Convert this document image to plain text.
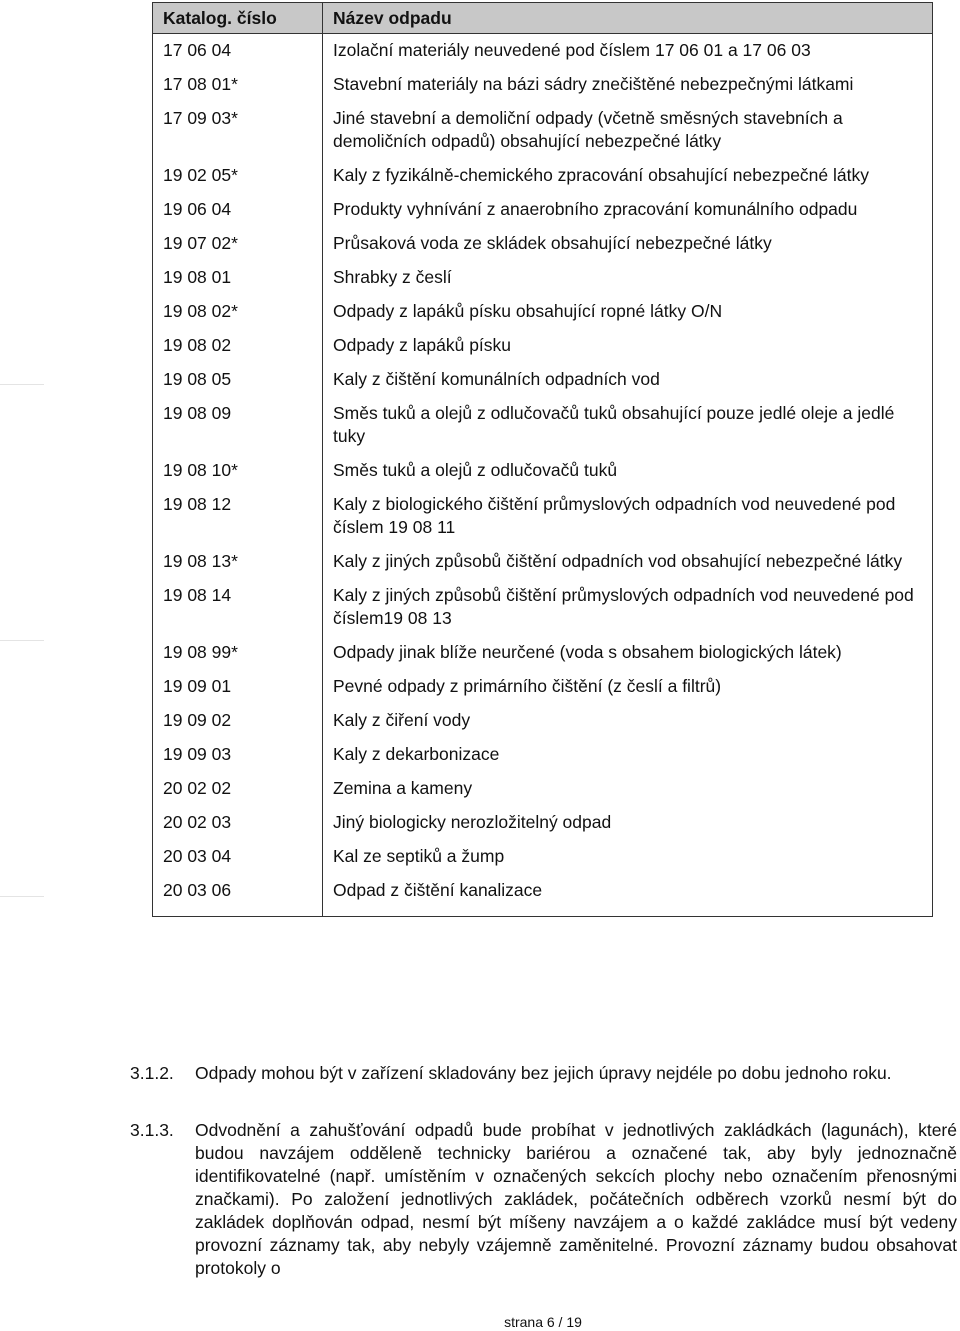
Katalog. číslo	Název odpadu
17 06 04	Izolační materiály neuvedené pod číslem 17 06 01 a 17 06 03
17 08 01*	Stavební materiály na bázi sádry znečištěné nebezpečnými látkami
17 09 03*	Jiné stavební a demoliční odpady (včetně směsných stavebních a demoličních odpadů) obsahující nebezpečné látky
19 02 05*	Kaly z fyzikálně-chemického zpracování obsahující nebezpečné látky
19 06 04	Produkty vyhnívání z anaerobního zpracování komunálního odpadu
19 07 02*	Průsaková voda ze skládek obsahující nebezpečné látky
19 08 01	Shrabky z česlí
19 08 02*	Odpady z lapáků písku obsahující ropné látky O/N
19 08 02	Odpady z lapáků písku
19 08 05	Kaly z čištění komunálních odpadních vod
19 08 09	Směs tuků a olejů z odlučovačů tuků obsahující pouze jedlé oleje a jedlé tuky
19 08 10*	Směs tuků a olejů z odlučovačů tuků
19 08 12	Kaly z biologického čištění průmyslových odpadních vod neuvedené pod číslem 19 08 11
19 08 13*	Kaly z jiných způsobů čištění odpadních vod obsahující nebezpečné látky
19 08 14	Kaly z jiných způsobů čištění průmyslových odpadních vod neuvedené pod číslem19 08 13
19 08 99*	Odpady jinak blíže neurčené (voda s obsahem biologických látek)
19 09 01	Pevné odpady z primárního čištění (z česlí a filtrů)
19 09 02	Kaly z čiření vody
19 09 03	Kaly z dekarbonizace
20 02 02	Zemina a kameny
20 02 03	Jiný biologicky nerozložitelný odpad
20 03 04	Kal ze septiků a žump
20 03 06	Odpad z čištění kanalizace
3.1.2. Odpady mohou být v zařízení skladovány bez jejich úpravy nejdéle po dobu jednoho roku.
3.1.3. Odvodnění a zahušťování odpadů bude probíhat v jednotlivých zakládkách (lagunách), které budou navzájem odděleně technicky bariérou a označené tak, aby byly jednoznačně identifikovatelné (např. umístěním v označených sekcích plochy nebo označením přenosnými značkami). Po založení jednotlivých zakládek, počátečních odběrech vzorků nesmí být do zakládek doplňován odpad, nesmí být míšeny navzájem a o každé zakládce musí být vedeny provozní záznamy tak, aby nebyly vzájemně zaměnitelné. Provozní záznamy budou obsahovat protokoly o
strana 6 / 19
